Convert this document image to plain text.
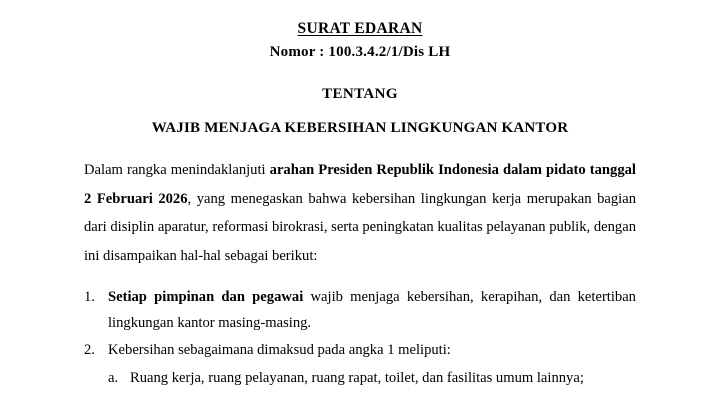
SURAT EDARAN
Nomor : 100.3.4.2/1/Dis LH
TENTANG
WAJIB MENJAGA KEBERSIHAN LINGKUNGAN KANTOR

Dalam rangka menindaklanjuti arahan Presiden Republik Indonesia dalam pidato tanggal 2 Februari 2026, yang menegaskan bahwa kebersihan lingkungan kerja merupakan bagian dari disiplin aparatur, reformasi birokrasi, serta peningkatan kualitas pelayanan publik, dengan ini disampaikan hal-hal sebagai berikut:

1. Setiap pimpinan dan pegawai wajib menjaga kebersihan, kerapihan, dan ketertiban lingkungan kantor masing-masing.
2. Kebersihan sebagaimana dimaksud pada angka 1 meliputi:
a. Ruang kerja, ruang pelayanan, ruang rapat, toilet, dan fasilitas umum lainnya;
